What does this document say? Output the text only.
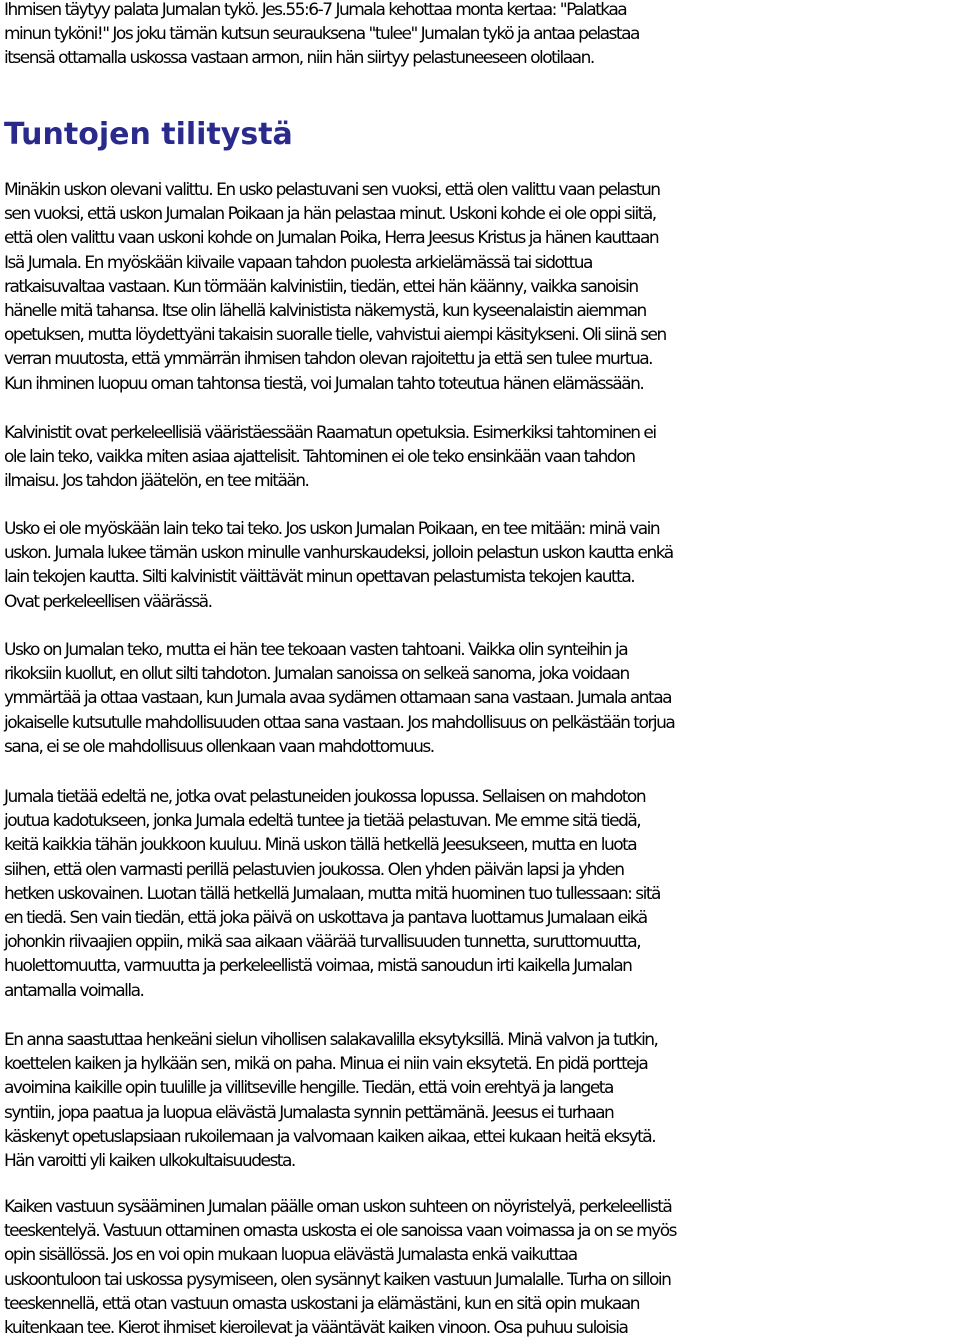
Ihmisen täytyy palata Jumalan tykö. Jes.55:6-7 Jumala kehottaa monta kertaa: "Palatkaa
minun tyköni!" Jos joku tämän kutsun seurauksena "tulee" Jumalan tykö ja antaa pelastaa
itsensä ottamalla uskossa vastaan armon, niin hän siirtyy pelastuneeseen olotilaan.

Tuntojen tilitystä

Minäkin uskon olevani valittu. En usko pelastuvani sen vuoksi, että olen valittu vaan pelastun
sen vuoksi, että uskon Jumalan Poikaan ja hän pelastaa minut. Uskoni kohde ei ole oppi siitä,
että olen valittu vaan uskoni kohde on Jumalan Poika, Herra Jeesus Kristus ja hänen kauttaan
Isä Jumala. En myöskään kiivaile vapaan tahdon puolesta arkielämässä tai sidottua
ratkaisuvaltaa vastaan. Kun törmään kalvinistiin, tiedän, ettei hän käänny, vaikka sanoisin
hänelle mitä tahansa. Itse olin lähellä kalvinistista näkemystä, kun kyseenalaistin aiemman
opetuksen, mutta löydettyäni takaisin suoralle tielle, vahvistui aiempi käsitykseni. Oli siinä sen
verran muutosta, että ymmärrän ihmisen tahdon olevan rajoitettu ja että sen tulee murtua.
Kun ihminen luopuu oman tahtonsa tiestä, voi Jumalan tahto toteutua hänen elämässään.

Kalvinistit ovat perkeleellisiä vääristäessään Raamatun opetuksia. Esimerkiksi tahtominen ei
ole lain teko, vaikka miten asiaa ajattelisit. Tahtominen ei ole teko ensinkään vaan tahdon
ilmaisu. Jos tahdon jäätelön, en tee mitään.

Usko ei ole myöskään lain teko tai teko. Jos uskon Jumalan Poikaan, en tee mitään: minä vain
uskon. Jumala lukee tämän uskon minulle vanhurskaudeksi, jolloin pelastun uskon kautta enkä
lain tekojen kautta. Silti kalvinistit väittävät minun opettavan pelastumista tekojen kautta.
Ovat perkeleellisen väärässä.

Usko on Jumalan teko, mutta ei hän tee tekoaan vasten tahtoani. Vaikka olin synteihin ja
rikoksiin kuollut, en ollut silti tahdoton. Jumalan sanoissa on selkeä sanoma, joka voidaan
ymmärtää ja ottaa vastaan, kun Jumala avaa sydämen ottamaan sana vastaan. Jumala antaa
jokaiselle kutsutulle mahdollisuuden ottaa sana vastaan. Jos mahdollisuus on pelkästään torjua
sana, ei se ole mahdollisuus ollenkaan vaan mahdottomuus.

Jumala tietää edeltä ne, jotka ovat pelastuneiden joukossa lopussa. Sellaisen on mahdoton
joutua kadotukseen, jonka Jumala edeltä tuntee ja tietää pelastuvan. Me emme sitä tiedä,
keitä kaikkia tähän joukkoon kuuluu. Minä uskon tällä hetkellä Jeesukseen, mutta en luota
siihen, että olen varmasti perillä pelastuvien joukossa. Olen yhden päivän lapsi ja yhden
hetken uskovainen. Luotan tällä hetkellä Jumalaan, mutta mitä huominen tuo tullessaan: sitä
en tiedä. Sen vain tiedän, että joka päivä on uskottava ja pantava luottamus Jumalaan eikä
johonkin riivaajien oppiin, mikä saa aikaan väärää turvallisuuden tunnetta, suruttomuutta,
huolettomuutta, varmuutta ja perkeleellistä voimaa, mistä sanoudun irti kaikella Jumalan
antamalla voimalla.

En anna saastuttaa henkeäni sielun vihollisen salakavalilla eksytyksillä. Minä valvon ja tutkin,
koettelen kaiken ja hylkään sen, mikä on paha. Minua ei niin vain eksytetä. En pidä portteja
avoimina kaikille opin tuulille ja villitseville hengille. Tiedän, että voin erehtyä ja langeta
syntiin, jopa paatua ja luopua elävästä Jumalasta synnin pettämänä. Jeesus ei turhaan
käskenyt opetuslapsiaan rukoilemaan ja valvomaan kaiken aikaa, ettei kukaan heitä eksytä.
Hän varoitti yli kaiken ulkokultaisuudesta.

Kaiken vastuun sysääminen Jumalan päälle oman uskon suhteen on nöyristelyä, perkeleellistä
teeskentelyä. Vastuun ottaminen omasta uskosta ei ole sanoissa vaan voimassa ja on se myös
opin sisällössä. Jos en voi opin mukaan luopua elävästä Jumalasta enkä vaikuttaa
uskoontuloon tai uskossa pysymiseen, olen sysännyt kaiken vastuun Jumalalle. Turha on silloin
teeskennellä, että otan vastuun omasta uskostani ja elämästäni, kun en sitä opin mukaan
kuitenkaan tee. Kierot ihmiset kieroilevat ja vääntävät kaiken vinoon. Osa puhuu suloisia
